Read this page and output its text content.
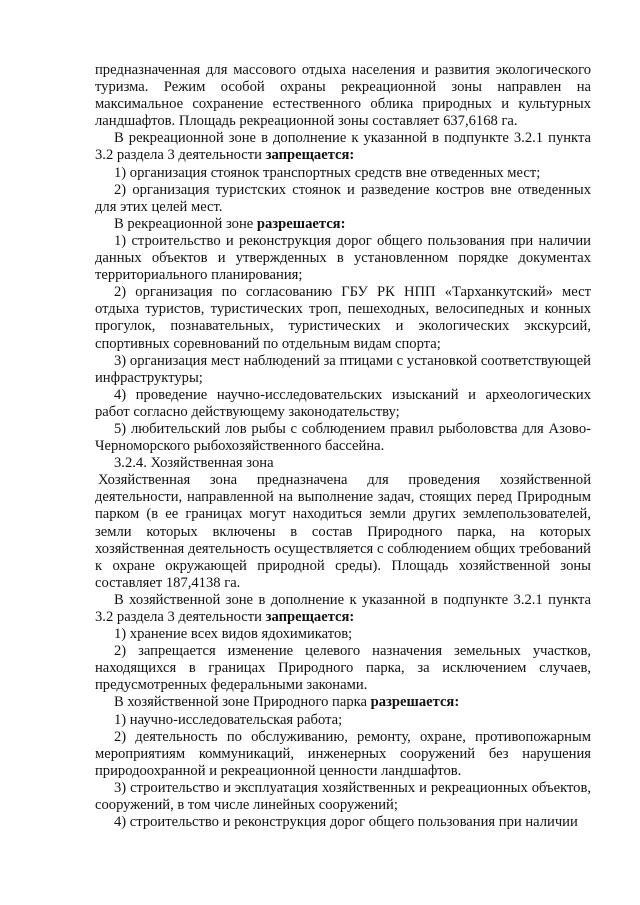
предназначенная для массового отдыха населения и развития экологического туризма. Режим особой охраны рекреационной зоны направлен на максимальное сохранение естественного облика природных и культурных ландшафтов. Площадь рекреационной зоны составляет 637,6168 га.

В рекреационной зоне в дополнение к указанной в подпункте 3.2.1 пункта 3.2 раздела 3 деятельности запрещается:

1) организация стоянок транспортных средств вне отведенных мест;

2) организация туристских стоянок и разведение костров вне отведенных для этих целей мест.

В рекреационной зоне разрешается:

1) строительство и реконструкция дорог общего пользования при наличии данных объектов и утвержденных в установленном порядке документах территориального планирования;

2) организация по согласованию ГБУ РК НПП «Тарханкутский» мест отдыха туристов, туристических троп, пешеходных, велосипедных и конных прогулок, познавательных, туристических и экологических экскурсий, спортивных соревнований по отдельным видам спорта;

3) организация мест наблюдений за птицами с установкой соответствующей инфраструктуры;

4) проведение научно-исследовательских изысканий и археологических работ согласно действующему законодательству;

5) любительский лов рыбы с соблюдением правил рыболовства для Азово-Черноморского рыбохозяйственного бассейна.

3.2.4. Хозяйственная зона

Хозяйственная зона предназначена для проведения хозяйственной деятельности, направленной на выполнение задач, стоящих перед Природным парком (в ее границах могут находиться земли других землепользователей, земли которых включены в состав Природного парка, на которых хозяйственная деятельность осуществляется с соблюдением общих требований к охране окружающей природной среды). Площадь хозяйственной зоны составляет 187,4138 га.

В хозяйственной зоне в дополнение к указанной в подпункте 3.2.1 пункта 3.2 раздела 3 деятельности запрещается:

1) хранение всех видов ядохимикатов;

2) запрещается изменение целевого назначения земельных участков, находящихся в границах Природного парка, за исключением случаев, предусмотренных федеральными законами.

В хозяйственной зоне Природного парка разрешается:

1) научно-исследовательская работа;

2) деятельность по обслуживанию, ремонту, охране, противопожарным мероприятиям коммуникаций, инженерных сооружений без нарушения природоохранной и рекреационной ценности ландшафтов.

3) строительство и эксплуатация хозяйственных и рекреационных объектов, сооружений, в том числе линейных сооружений;

4) строительство и реконструкция дорог общего пользования при наличии
